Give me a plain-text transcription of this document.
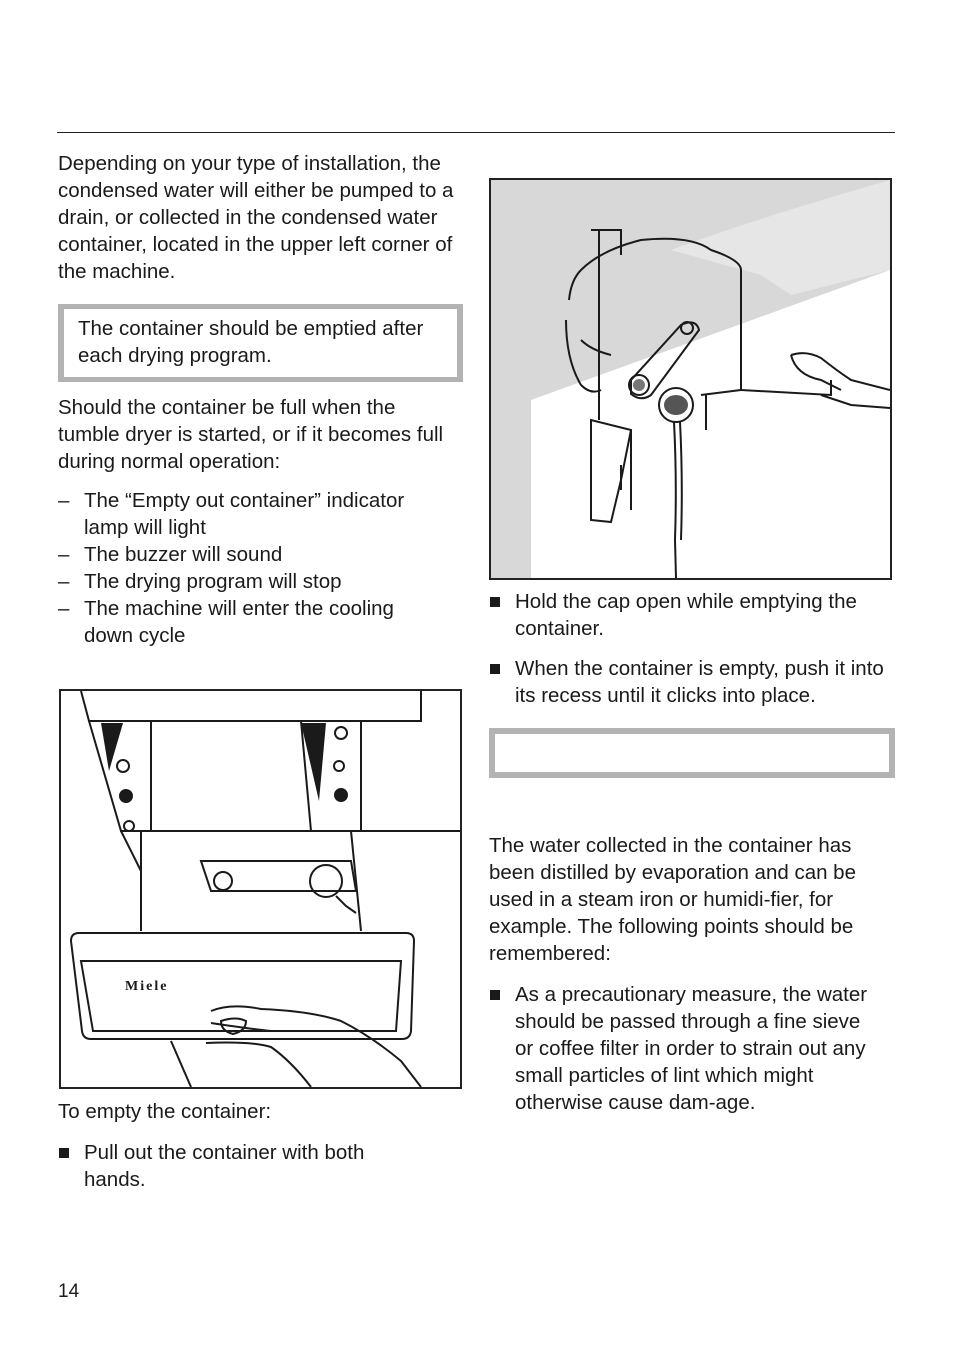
Depending on your type of installation, the condensed water will either be pumped to a drain, or collected in the condensed water container, located in the upper left corner of the machine.

The container should be emptied after each drying program.

Should the container be full when the tumble dryer is started, or if it becomes full during normal operation:

– The “Empty out container” indicator lamp will light
– The buzzer will sound
– The drying program will stop
– The machine will enter the cooling down cycle
Miele

To empty the container:

Pull out the container with both hands.
Hold the cap open while emptying the container.
When the container is empty, push it into its recess until it clicks into place.

The water collected in the container has been distilled by evaporation and can be used in a steam iron or humidi-fier, for example. The following points should be remembered:

As a precautionary measure, the water should be passed through a fine sieve or coffee filter in order to strain out any small particles of lint which might otherwise cause dam-age.
14
